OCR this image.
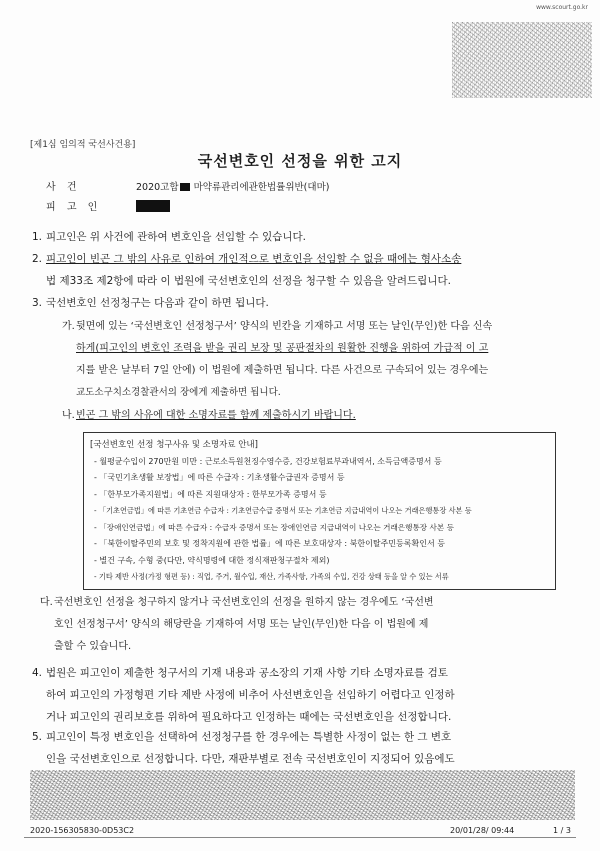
www.scourt.go.kr
[제1심 임의적 국선사건용]
국선변호인 선정을 위한 고지
사 건	2020고합 마약류관리에관한법률위반(대마)
피 고 인
1. 피고인은 위 사건에 관하여 변호인을 선임할 수 있습니다.
2. 피고인이 빈곤 그 밖의 사유로 인하여 개인적으로 변호인을 선임할 수 없을 때에는 형사소송
법 제33조 제2항에 따라 이 법원에 국선변호인의 선정을 청구할 수 있음을 알려드립니다.
3. 국선변호인 선정청구는 다음과 같이 하면 됩니다.
가.뒷면에 있는 ‘국선변호인 선정청구서’ 양식의 빈칸을 기재하고 서명 또는 날인(무인)한 다음 신속
하게(피고인의 변호인 조력을 받을 권리 보장 및 공판절차의 원활한 진행을 위하여 가급적 이 고
지를 받은 날부터 7일 안에) 이 법원에 제출하면 됩니다. 다른 사건으로 구속되어 있는 경우에는
교도소구치소경찰관서의 장에게 제출하면 됩니다.
나.빈곤 그 밖의 사유에 대한 소명자료를 함께 제출하시기 바랍니다.
[국선변호인 선정 청구사유 및 소명자료 안내]
- 월평균수입이 270만원 미만 : 근로소득원천징수영수증, 건강보험료부과내역서, 소득금액증명서 등
- 「국민기초생활 보장법」에 따른 수급자 : 기초생활수급권자 증명서 등
- 「한부모가족지원법」에 따른 지원대상자 : 한부모가족 증명서 등
- 「기초연금법」에 따른 기초연금 수급자 : 기초연금수급 증명서 또는 기초연금 지급내역이 나오는 거래은행통장 사본 등
- 「장애인연금법」에 따른 수급자 : 수급자 증명서 또는 장애인연금 지급내역이 나오는 거래은행통장 사본 등
- 「북한이탈주민의 보호 및 정착지원에 관한 법률」에 따른 보호대상자 : 북한이탈주민등록확인서 등
- 별건 구속, 수형 중(다만, 약식명령에 대한 정식재판청구절차 제외)
- 기타 제반 사정(가정 형편 등) : 직업, 주거, 월수입, 재산, 가족사항, 가족의 수입, 건강 상태 등을 알 수 있는 서류
다.국선변호인 선정을 청구하지 않거나 국선변호인의 선정을 원하지 않는 경우에도 ‘국선변
호인 선정청구서’ 양식의 해당란을 기재하여 서명 또는 날인(무인)한 다음 이 법원에 제
출할 수 있습니다.
4. 법원은 피고인이 제출한 청구서의 기재 내용과 공소장의 기재 사항 기타 소명자료를 검토
하여 피고인의 가정형편 기타 제반 사정에 비추어 사선변호인을 선임하기 어렵다고 인정하
거나 피고인의 권리보호를 위하여 필요하다고 인정하는 때에는 국선변호인을 선정합니다.
5. 피고인이 특정 변호인을 선택하여 선정청구를 한 경우에는 특별한 사정이 없는 한 그 변호
인을 국선변호인으로 선정합니다. 다만, 재판부별로 전속 국선변호인이 지정되어 있음에도
2020-156305830-0D53C2	20/01/28/ 09:44	1 / 3
